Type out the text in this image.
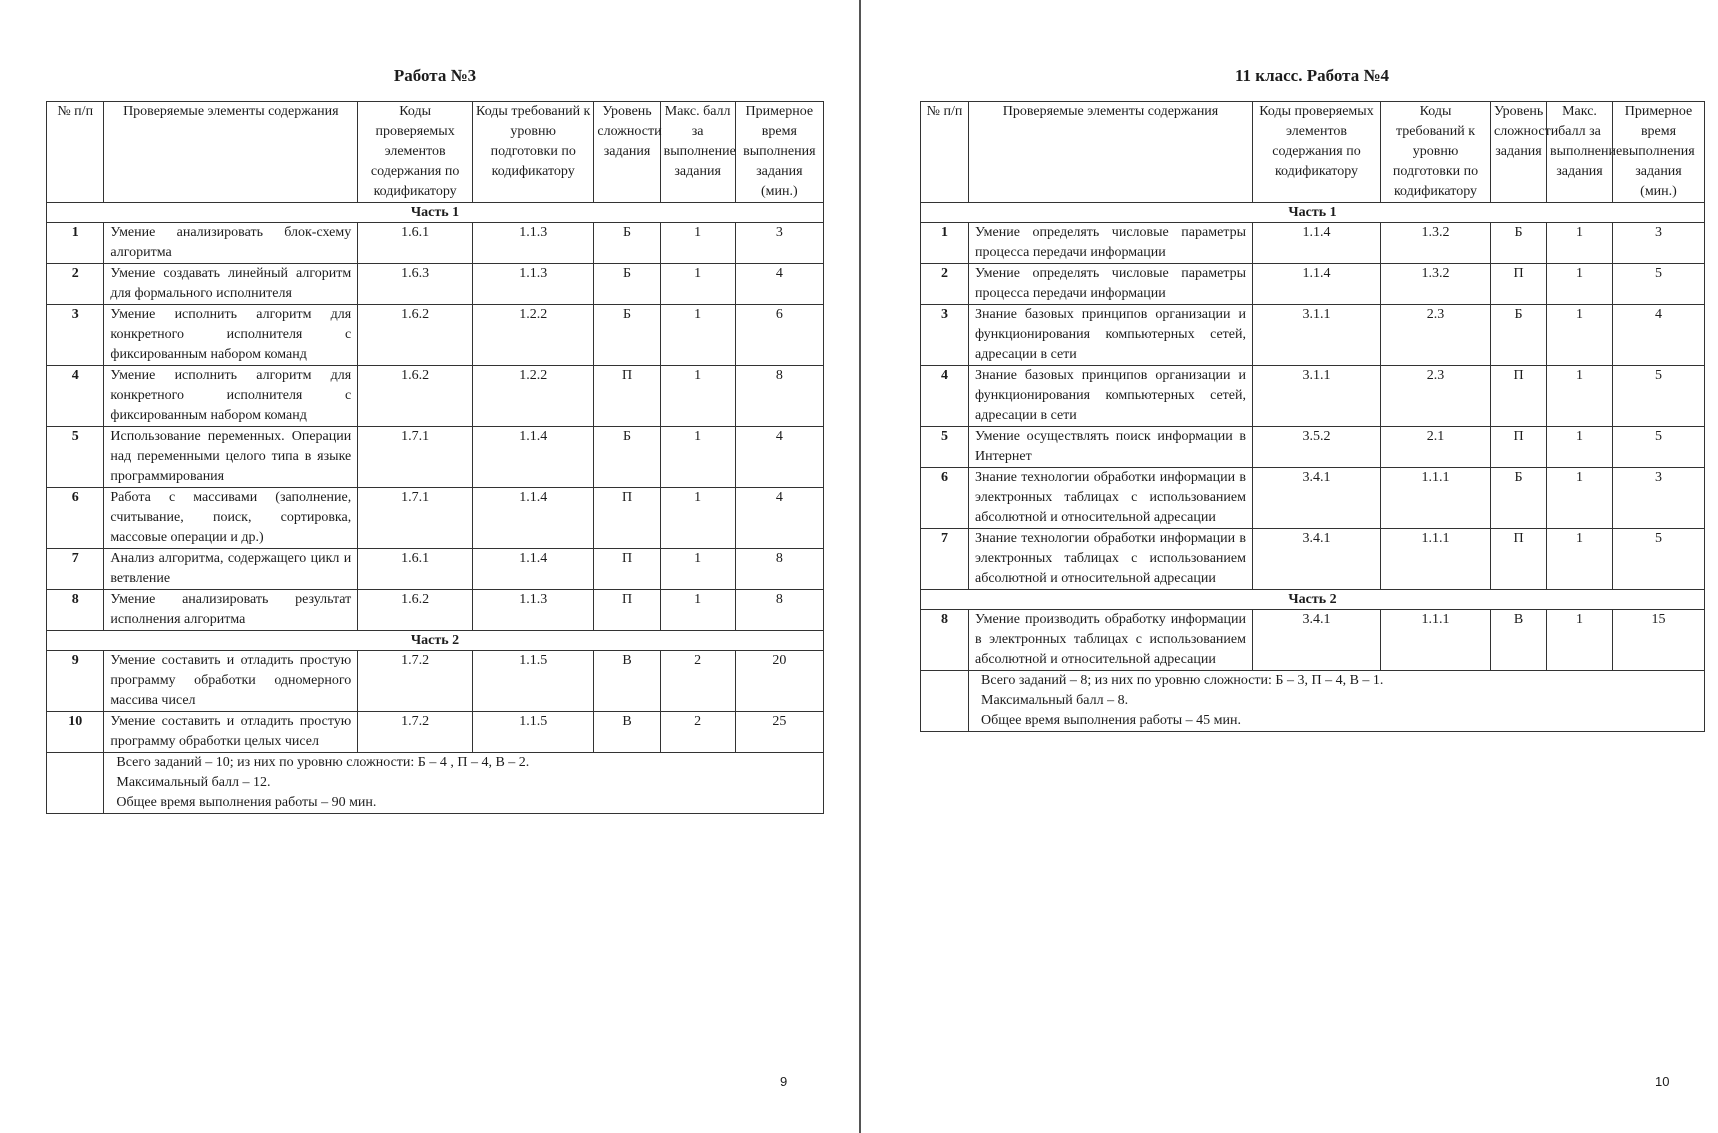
Работа №3
№ п/п	Проверяемые элементы содержания	Коды проверяемых элементов содержания по кодификатору	Коды требований к уровню подготовки по кодификатору	Уровень сложности задания	Макс. балл за выполнение задания	Примерное время выполнения задания (мин.)
Часть 1						
1	Умение анализировать блок-схему алгоритма	1.6.1	1.1.3	Б	1	3
2	Умение создавать линейный алгоритм для формального исполнителя	1.6.3	1.1.3	Б	1	4
3	Умение исполнить алгоритм для конкретного исполнителя с фиксированным набором команд	1.6.2	1.2.2	Б	1	6
4	Умение исполнить алгоритм для конкретного исполнителя с фиксированным набором команд	1.6.2	1.2.2	П	1	8
5	Использование переменных. Операции над переменными целого типа в языке программирования	1.7.1	1.1.4	Б	1	4
6	Работа с массивами (заполнение, считывание, поиск, сортировка, массовые операции и др.)	1.7.1	1.1.4	П	1	4
7	Анализ алгоритма, содержащего цикл и ветвление	1.6.1	1.1.4	П	1	8
8	Умение анализировать результат исполнения алгоритма	1.6.2	1.1.3	П	1	8
Часть 2						
9	Умение составить и отладить простую программу обработки одномерного массива чисел	1.7.2	1.1.5	В	2	20
10	Умение составить и отладить простую программу обработки целых чисел	1.7.2	1.1.5	В	2	25

	Всего заданий – 10; из них по уровню сложности: Б – 4 , П – 4, В – 2.
Максимальный балл – 12.
Общее время выполнения работы – 90 мин.					
9
11 класс. Работа №4
№ п/п	Проверяемые элементы содержания	Коды проверяемых элементов содержания по кодификатору	Коды требований к уровню подготовки по кодификатору	Уровень сложности задания	Макс. балл за выполнение задания	Примерное время выполнения задания (мин.)
Часть 1						
1	Умение определять числовые параметры процесса передачи информации	1.1.4	1.3.2	Б	1	3
2	Умение определять числовые параметры процесса передачи информации	1.1.4	1.3.2	П	1	5
3	Знание базовых принципов организации и функционирования компьютерных сетей, адресации в сети	3.1.1	2.3	Б	1	4
4	Знание базовых принципов организации и функционирования компьютерных сетей, адресации в сети	3.1.1	2.3	П	1	5
5	Умение осуществлять поиск информации в Интернет	3.5.2	2.1	П	1	5
6	Знание технологии обработки информации в электронных таблицах с использованием абсолютной и относительной адресации	3.4.1	1.1.1	Б	1	3
7	Знание технологии обработки информации в электронных таблицах с использованием абсолютной и относительной адресации	3.4.1	1.1.1	П	1	5
Часть 2						
8	Умение производить обработку информации в электронных таблицах с использованием абсолютной и относительной адресации	3.4.1	1.1.1	В	1	15

	Всего заданий – 8; из них по уровню сложности: Б – 3, П – 4, В – 1.
Максимальный балл – 8.
Общее время выполнения работы – 45 мин.					
10
